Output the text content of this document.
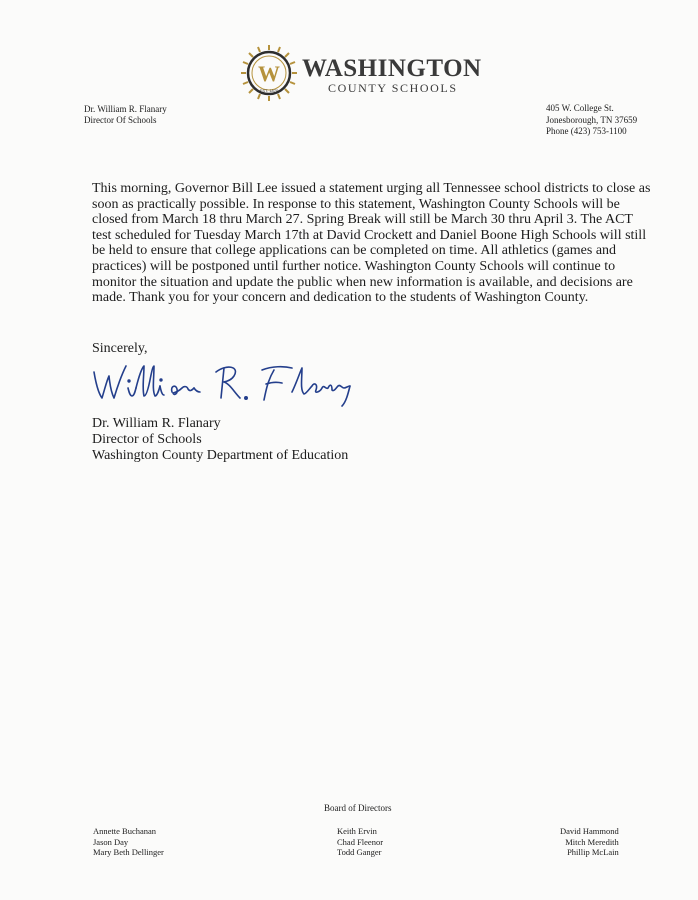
W
EST. 1870
WASHINGTON
COUNTY SCHOOLS
Dr. William R. Flanary
Director Of Schools
405 W. College St.
Jonesborough, TN 37659
Phone (423) 753-1100

This morning, Governor Bill Lee issued a statement urging all Tennessee school districts to close as soon as practically possible. In response to this statement, Washington County Schools will be closed from March 18 thru March 27. Spring Break will still be March 30 thru April 3. The ACT test scheduled for Tuesday March 17th at David Crockett and Daniel Boone High Schools will still be held to ensure that college applications can be completed on time. All athletics (games and practices) will be postponed until further notice. Washington County Schools will continue to monitor the situation and update the public when new information is available, and decisions are made. Thank you for your concern and dedication to the students of Washington County.

Sincerely,
Dr. William R. Flanary
Director of Schools
Washington County Department of Education
Board of Directors
Annette Buchanan
Jason Day
Mary Beth Dellinger
Keith Ervin
Chad Fleenor
Todd Ganger
David Hammond
Mitch Meredith
Phillip McLain
